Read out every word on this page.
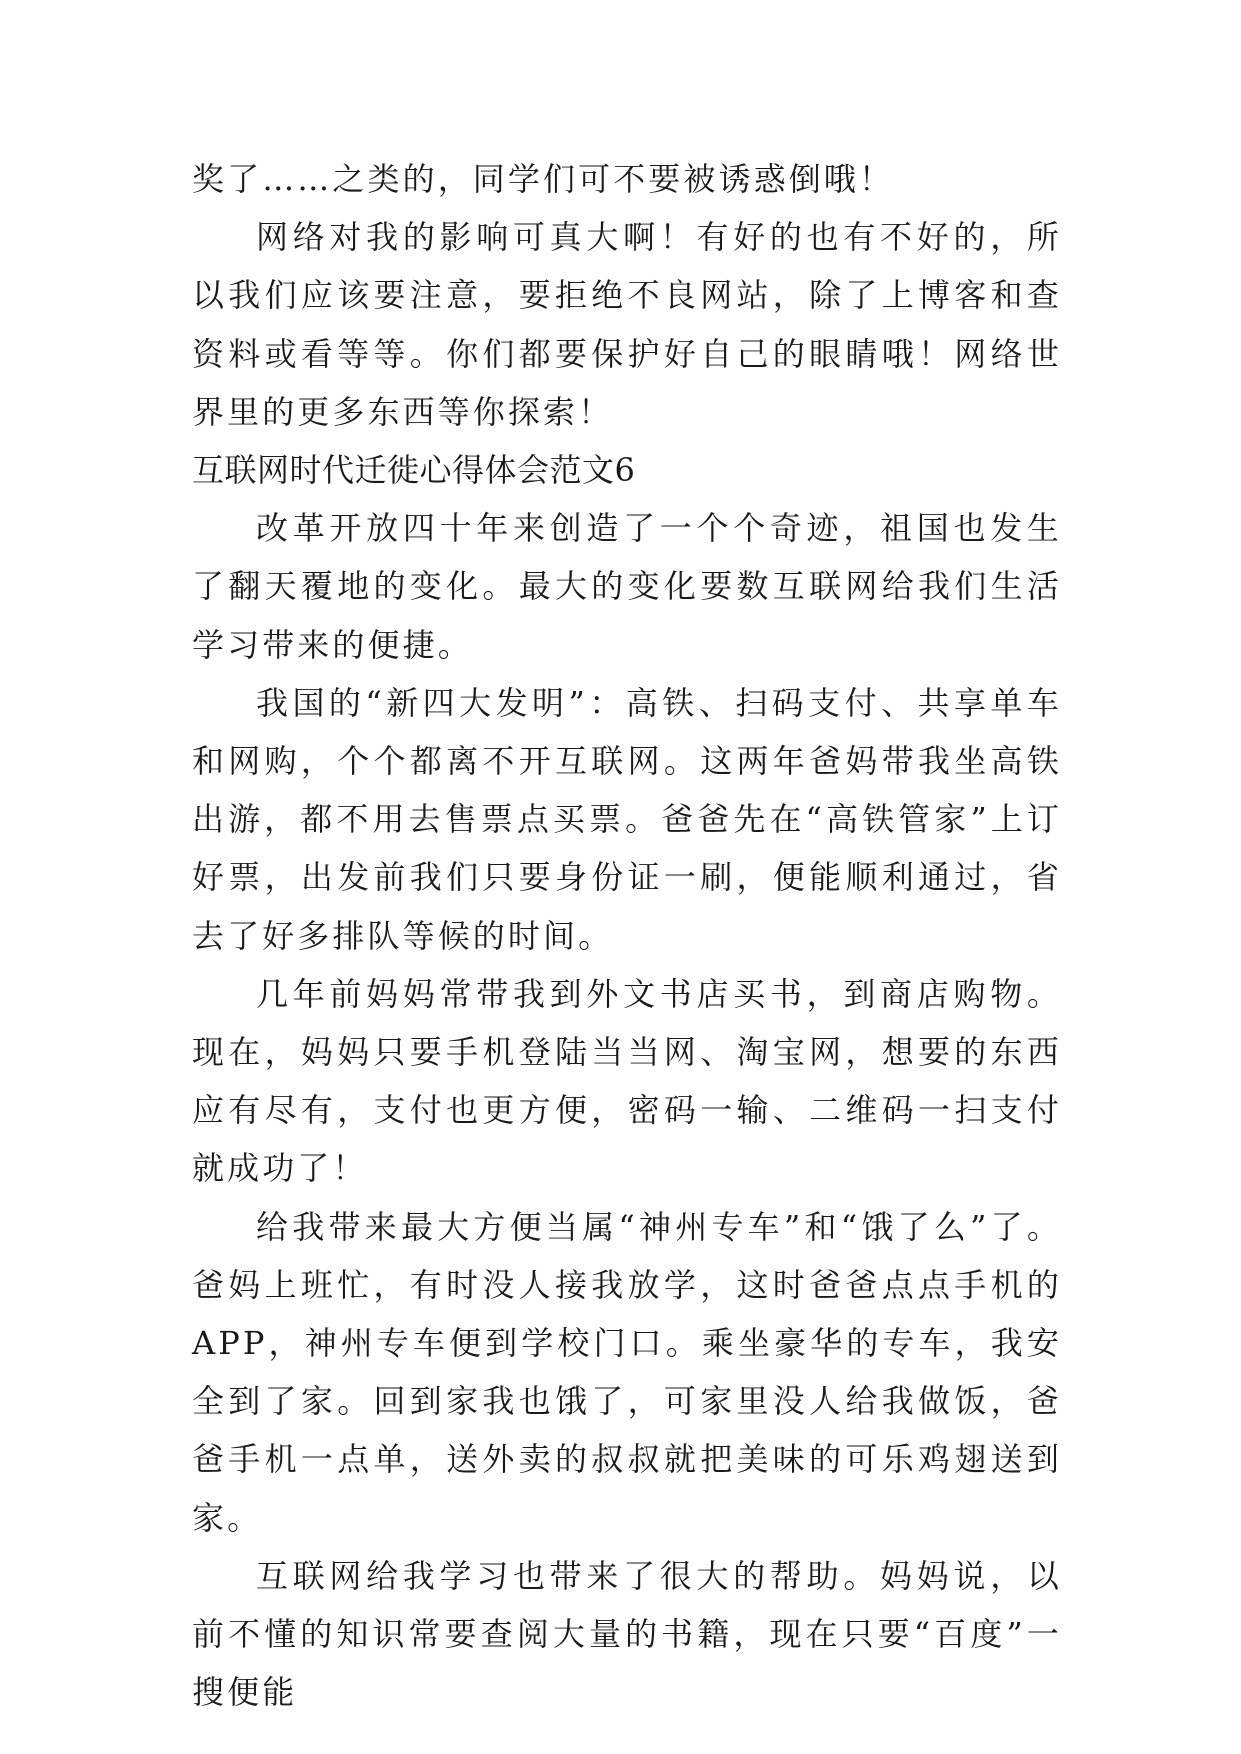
奖了……之类的，同学们可不要被诱惑倒哦！

网络对我的影响可真大啊！有好的也有不好的，所以我们应该要注意，要拒绝不良网站，除了上博客和查资料或看等等。你们都要保护好自己的眼睛哦！网络世界里的更多东西等你探索！

互联网时代迁徙心得体会范文6

改革开放四十年来创造了一个个奇迹，祖国也发生了翻天覆地的变化。最大的变化要数互联网给我们生活学习带来的便捷。

我国的“新四大发明”：高铁、扫码支付、共享单车和网购，个个都离不开互联网。这两年爸妈带我坐高铁出游，都不用去售票点买票。爸爸先在“高铁管家”上订好票，出发前我们只要身份证一刷，便能顺利通过，省去了好多排队等候的时间。

几年前妈妈常带我到外文书店买书，到商店购物。现在，妈妈只要手机登陆当当网、淘宝网，想要的东西应有尽有，支付也更方便，密码一输、二维码一扫支付就成功了！

给我带来最大方便当属“神州专车”和“饿了么”了。爸妈上班忙，有时没人接我放学，这时爸爸点点手机的APP，神州专车便到学校门口。乘坐豪华的专车，我安全到了家。回到家我也饿了，可家里没人给我做饭，爸爸手机一点单，送外卖的叔叔就把美味的可乐鸡翅送到家。

互联网给我学习也带来了很大的帮助。妈妈说，以前不懂的知识常要查阅大量的书籍，现在只要“百度”一搜便能
